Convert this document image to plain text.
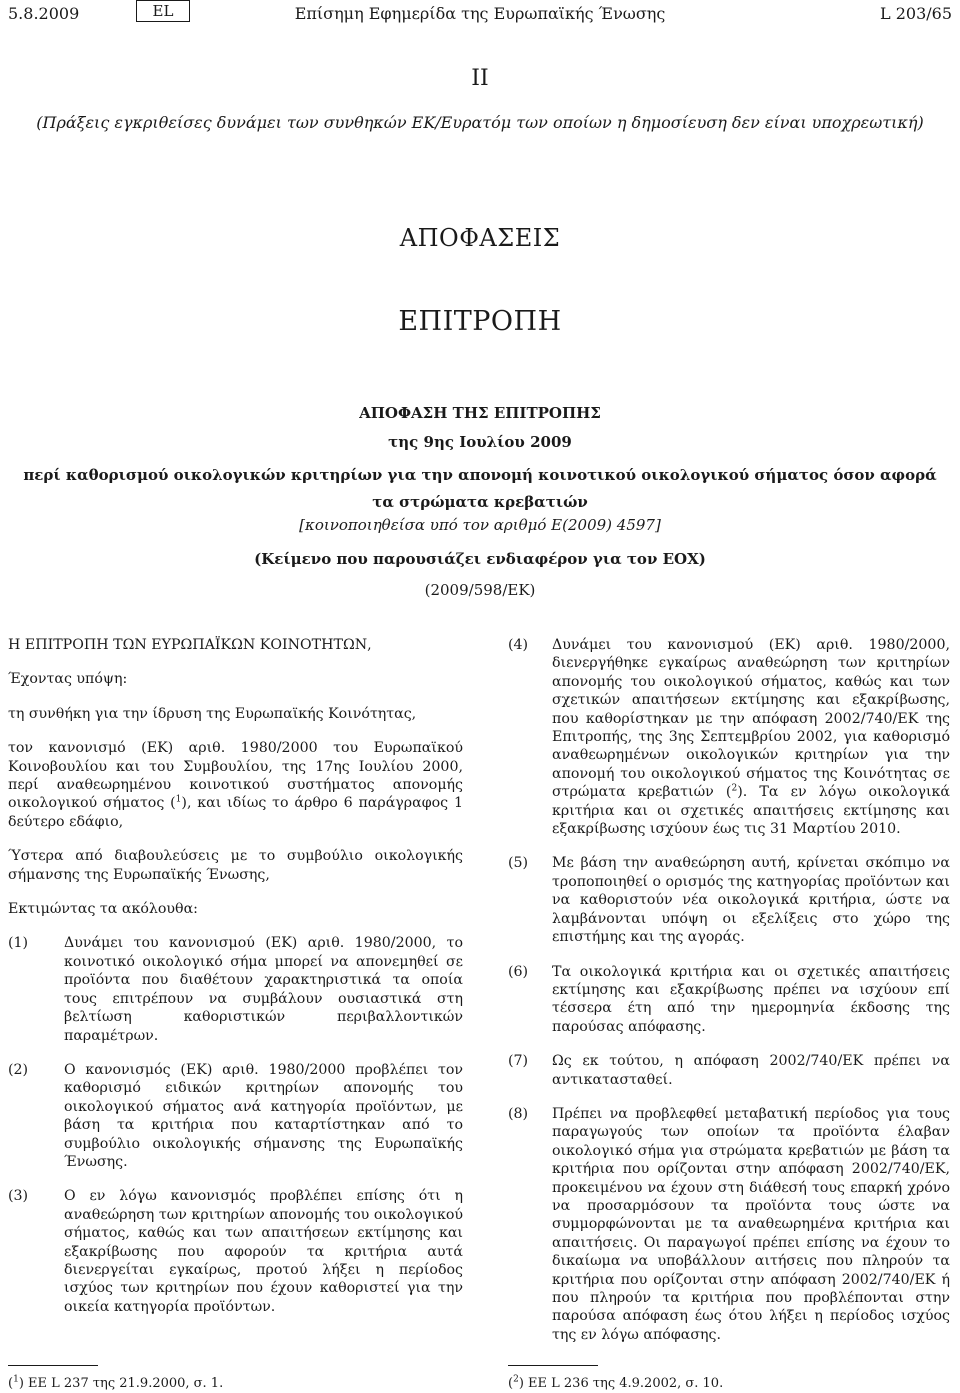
5.8.2009	EL	Επίσημη Εφημερίδα της Ευρωπαϊκής Ένωσης	L 203/65
II
(Πράξεις εγκριθείσες δυνάμει των συνθηκών ΕΚ/Ευρατόμ των οποίων η δημοσίευση δεν είναι υποχρεωτική)
ΑΠΟΦΑΣΕΙΣ
ΕΠΙΤΡΟΠΗ
ΑΠΟΦΑΣΗ ΤΗΣ ΕΠΙΤΡΟΠΗΣ
της 9ης Ιουλίου 2009
περί καθορισμού οικολογικών κριτηρίων για την απονομή κοινοτικού οικολογικού σήματος όσον αφορά
τα στρώματα κρεβατιών
[κοινοποιηθείσα υπό τον αριθμό Ε(2009) 4597]
(Κείμενο που παρουσιάζει ενδιαφέρον για τον ΕΟΧ)
(2009/598/ΕΚ)

Η ΕΠΙΤΡΟΠΗ ΤΩΝ ΕΥΡΩΠΑΪΚΩΝ ΚΟΙΝΟΤΗΤΩΝ,

Έχοντας υπόψη:

τη συνθήκη για την ίδρυση της Ευρωπαϊκής Κοινότητας,

τον κανονισμό (ΕΚ) αριθ. 1980/2000 του Ευρωπαϊκού Κοινοβουλίου και του Συμβουλίου, της 17ης Ιουλίου 2000, περί αναθεωρημένου κοινοτικού συστήματος απονομής οικολογικού σήματος ($^1$), και ιδίως το άρθρο 6 παράγραφος 1 δεύτερο εδάφιο,

Ύστερα από διαβουλεύσεις με το συμβούλιο οικολογικής σήμανσης της Ευρωπαϊκής Ένωσης,

Εκτιμώντας τα ακόλουθα:

(1)	Δυνάμει του κανονισμού (ΕΚ) αριθ. 1980/2000, το κοινοτικό οικολογικό σήμα μπορεί να απονεμηθεί σε προϊόντα που διαθέτουν χαρακτηριστικά τα οποία τους επιτρέπουν να συμβάλουν ουσιαστικά στη βελτίωση καθοριστικών περιβαλλοντικών παραμέτρων.
(2)	Ο κανονισμός (ΕΚ) αριθ. 1980/2000 προβλέπει τον καθορισμό ειδικών κριτηρίων απονομής του οικολογικού σήματος ανά κατηγορία προϊόντων, με βάση τα κριτήρια που καταρτίστηκαν από το συμβούλιο οικολογικής σήμανσης της Ευρωπαϊκής Ένωσης.
(3)	Ο εν λόγω κανονισμός προβλέπει επίσης ότι η αναθεώρηση των κριτηρίων απονομής του οικολογικού σήματος, καθώς και των απαιτήσεων εκτίμησης και εξακρίβωσης που αφορούν τα κριτήρια αυτά διενεργείται εγκαίρως, προτού λήξει η περίοδος ισχύος των κριτηρίων που έχουν καθοριστεί για την οικεία κατηγορία προϊόντων.
(4) Δυνάμει του κανονισμού (ΕΚ) αριθ. 1980/2000, διενεργήθηκε εγκαίρως αναθεώρηση των κριτηρίων απονομής του οικολογικού σήματος, καθώς και των σχετικών απαιτήσεων εκτίμησης και εξακρίβωσης, που καθορίστηκαν με την απόφαση 2002/740/ΕΚ της Επιτροπής, της 3ης Σεπτεμβρίου 2002, για καθορισμό αναθεωρημένων οικολογικών κριτηρίων για την απονομή του οικολογικού σήματος της Κοινότητας σε στρώματα κρεβατιών ($^2$). Τα εν λόγω οικολογικά κριτήρια και οι σχετικές απαιτήσεις εκτίμησης και εξακρίβωσης ισχύουν έως τις 31 Μαρτίου 2010.
(5) Με βάση την αναθεώρηση αυτή, κρίνεται σκόπιμο να τροποποιηθεί ο ορισμός της κατηγορίας προϊόντων και να καθοριστούν νέα οικολογικά κριτήρια, ώστε να λαμβάνονται υπόψη οι εξελίξεις στο χώρο της επιστήμης και της αγοράς.
(6) Τα οικολογικά κριτήρια και οι σχετικές απαιτήσεις εκτίμησης και εξακρίβωσης πρέπει να ισχύουν επί τέσσερα έτη από την ημερομηνία έκδοσης της παρούσας απόφασης.
(7) Ως εκ τούτου, η απόφαση 2002/740/ΕΚ πρέπει να αντικατασταθεί.
(8) Πρέπει να προβλεφθεί μεταβατική περίοδος για τους παραγωγούς των οποίων τα προϊόντα έλαβαν οικολογικό σήμα για στρώματα κρεβατιών με βάση τα κριτήρια που ορίζονται στην απόφαση 2002/740/ΕΚ, προκειμένου να έχουν στη διάθεσή τους επαρκή χρόνο να προσαρμόσουν τα προϊόντα τους ώστε να συμμορφώνονται με τα αναθεωρημένα κριτήρια και απαιτήσεις. Οι παραγωγοί πρέπει επίσης να έχουν το δικαίωμα να υποβάλλουν αιτήσεις που πληρούν τα κριτήρια που ορίζονται στην απόφαση 2002/740/ΕΚ ή που πληρούν τα κριτήρια που προβλέπονται στην παρούσα απόφαση έως ότου λήξει η περίοδος ισχύος της εν λόγω απόφασης.
($^1$) ΕΕ L 237 της 21.9.2000, σ. 1.	($^2$) ΕΕ L 236 της 4.9.2002, σ. 10.
